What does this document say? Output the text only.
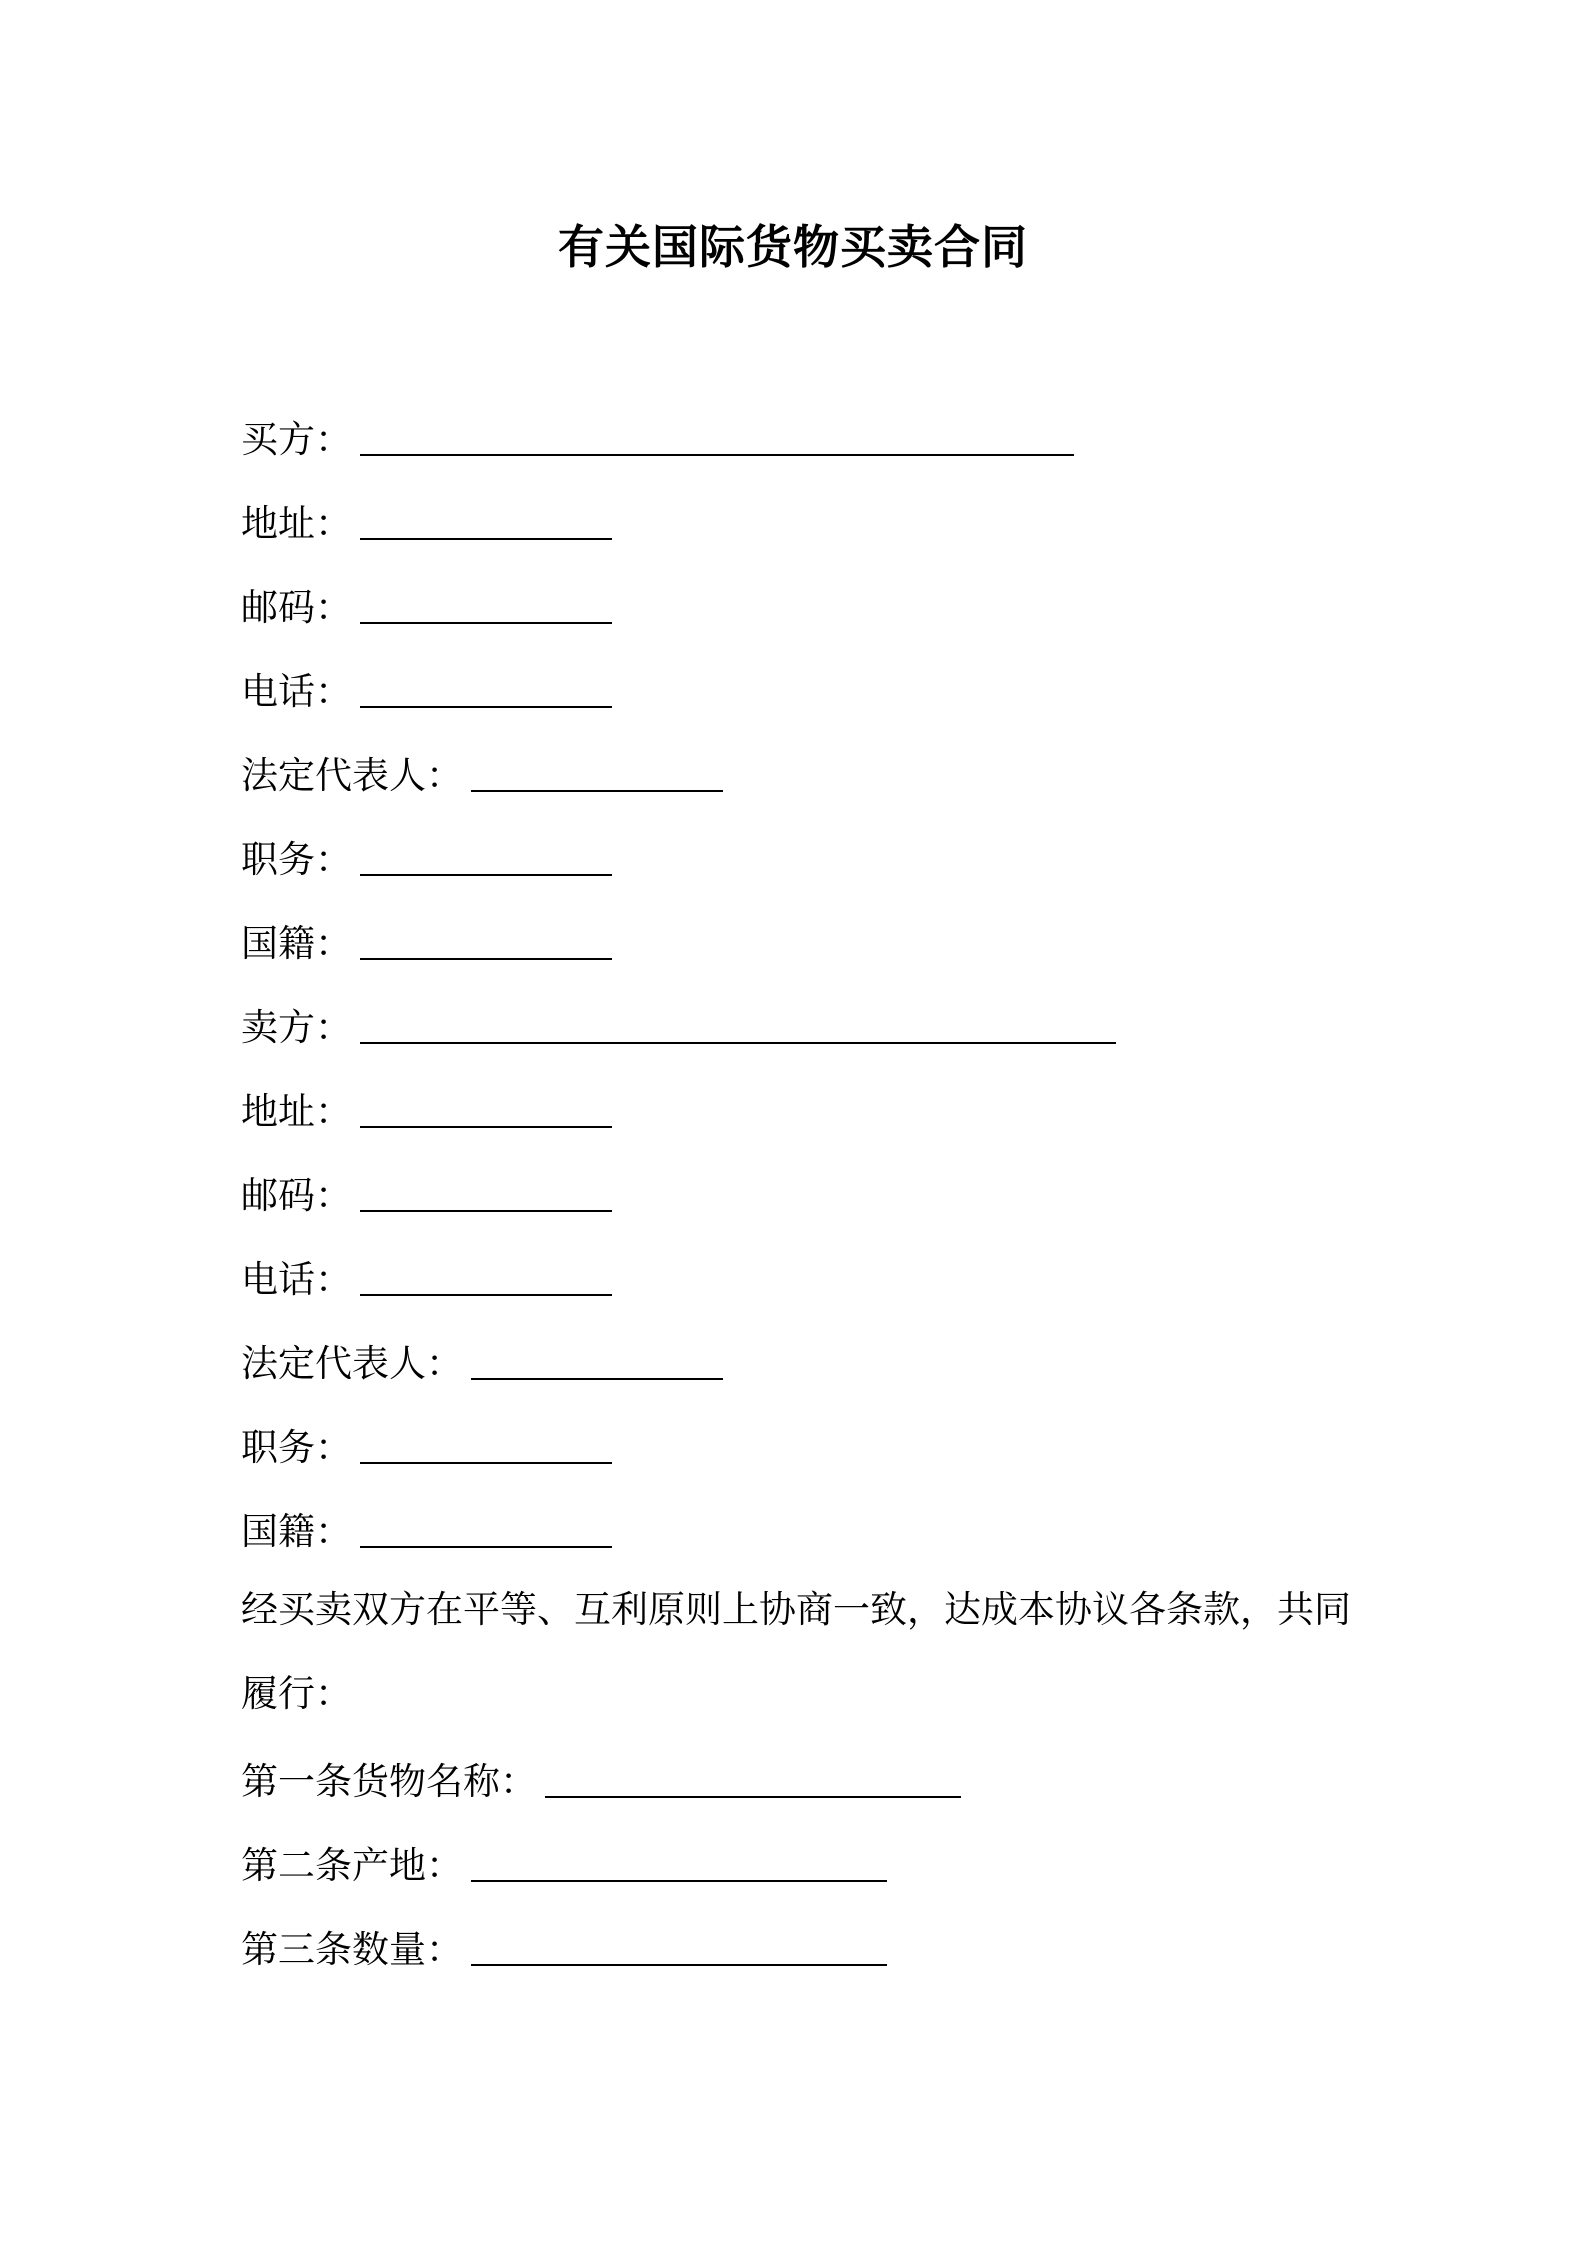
有关国际货物买卖合同
买方：
地址：
邮码：
电话：
法定代表人：
职务：
国籍：
卖方：
地址：
邮码：
电话：
法定代表人：
职务：
国籍：
经买卖双方在平等、互利原则上协商一致，达成本协议各条款，共同
履行：
第一条货物名称：
第二条产地：
第三条数量：
